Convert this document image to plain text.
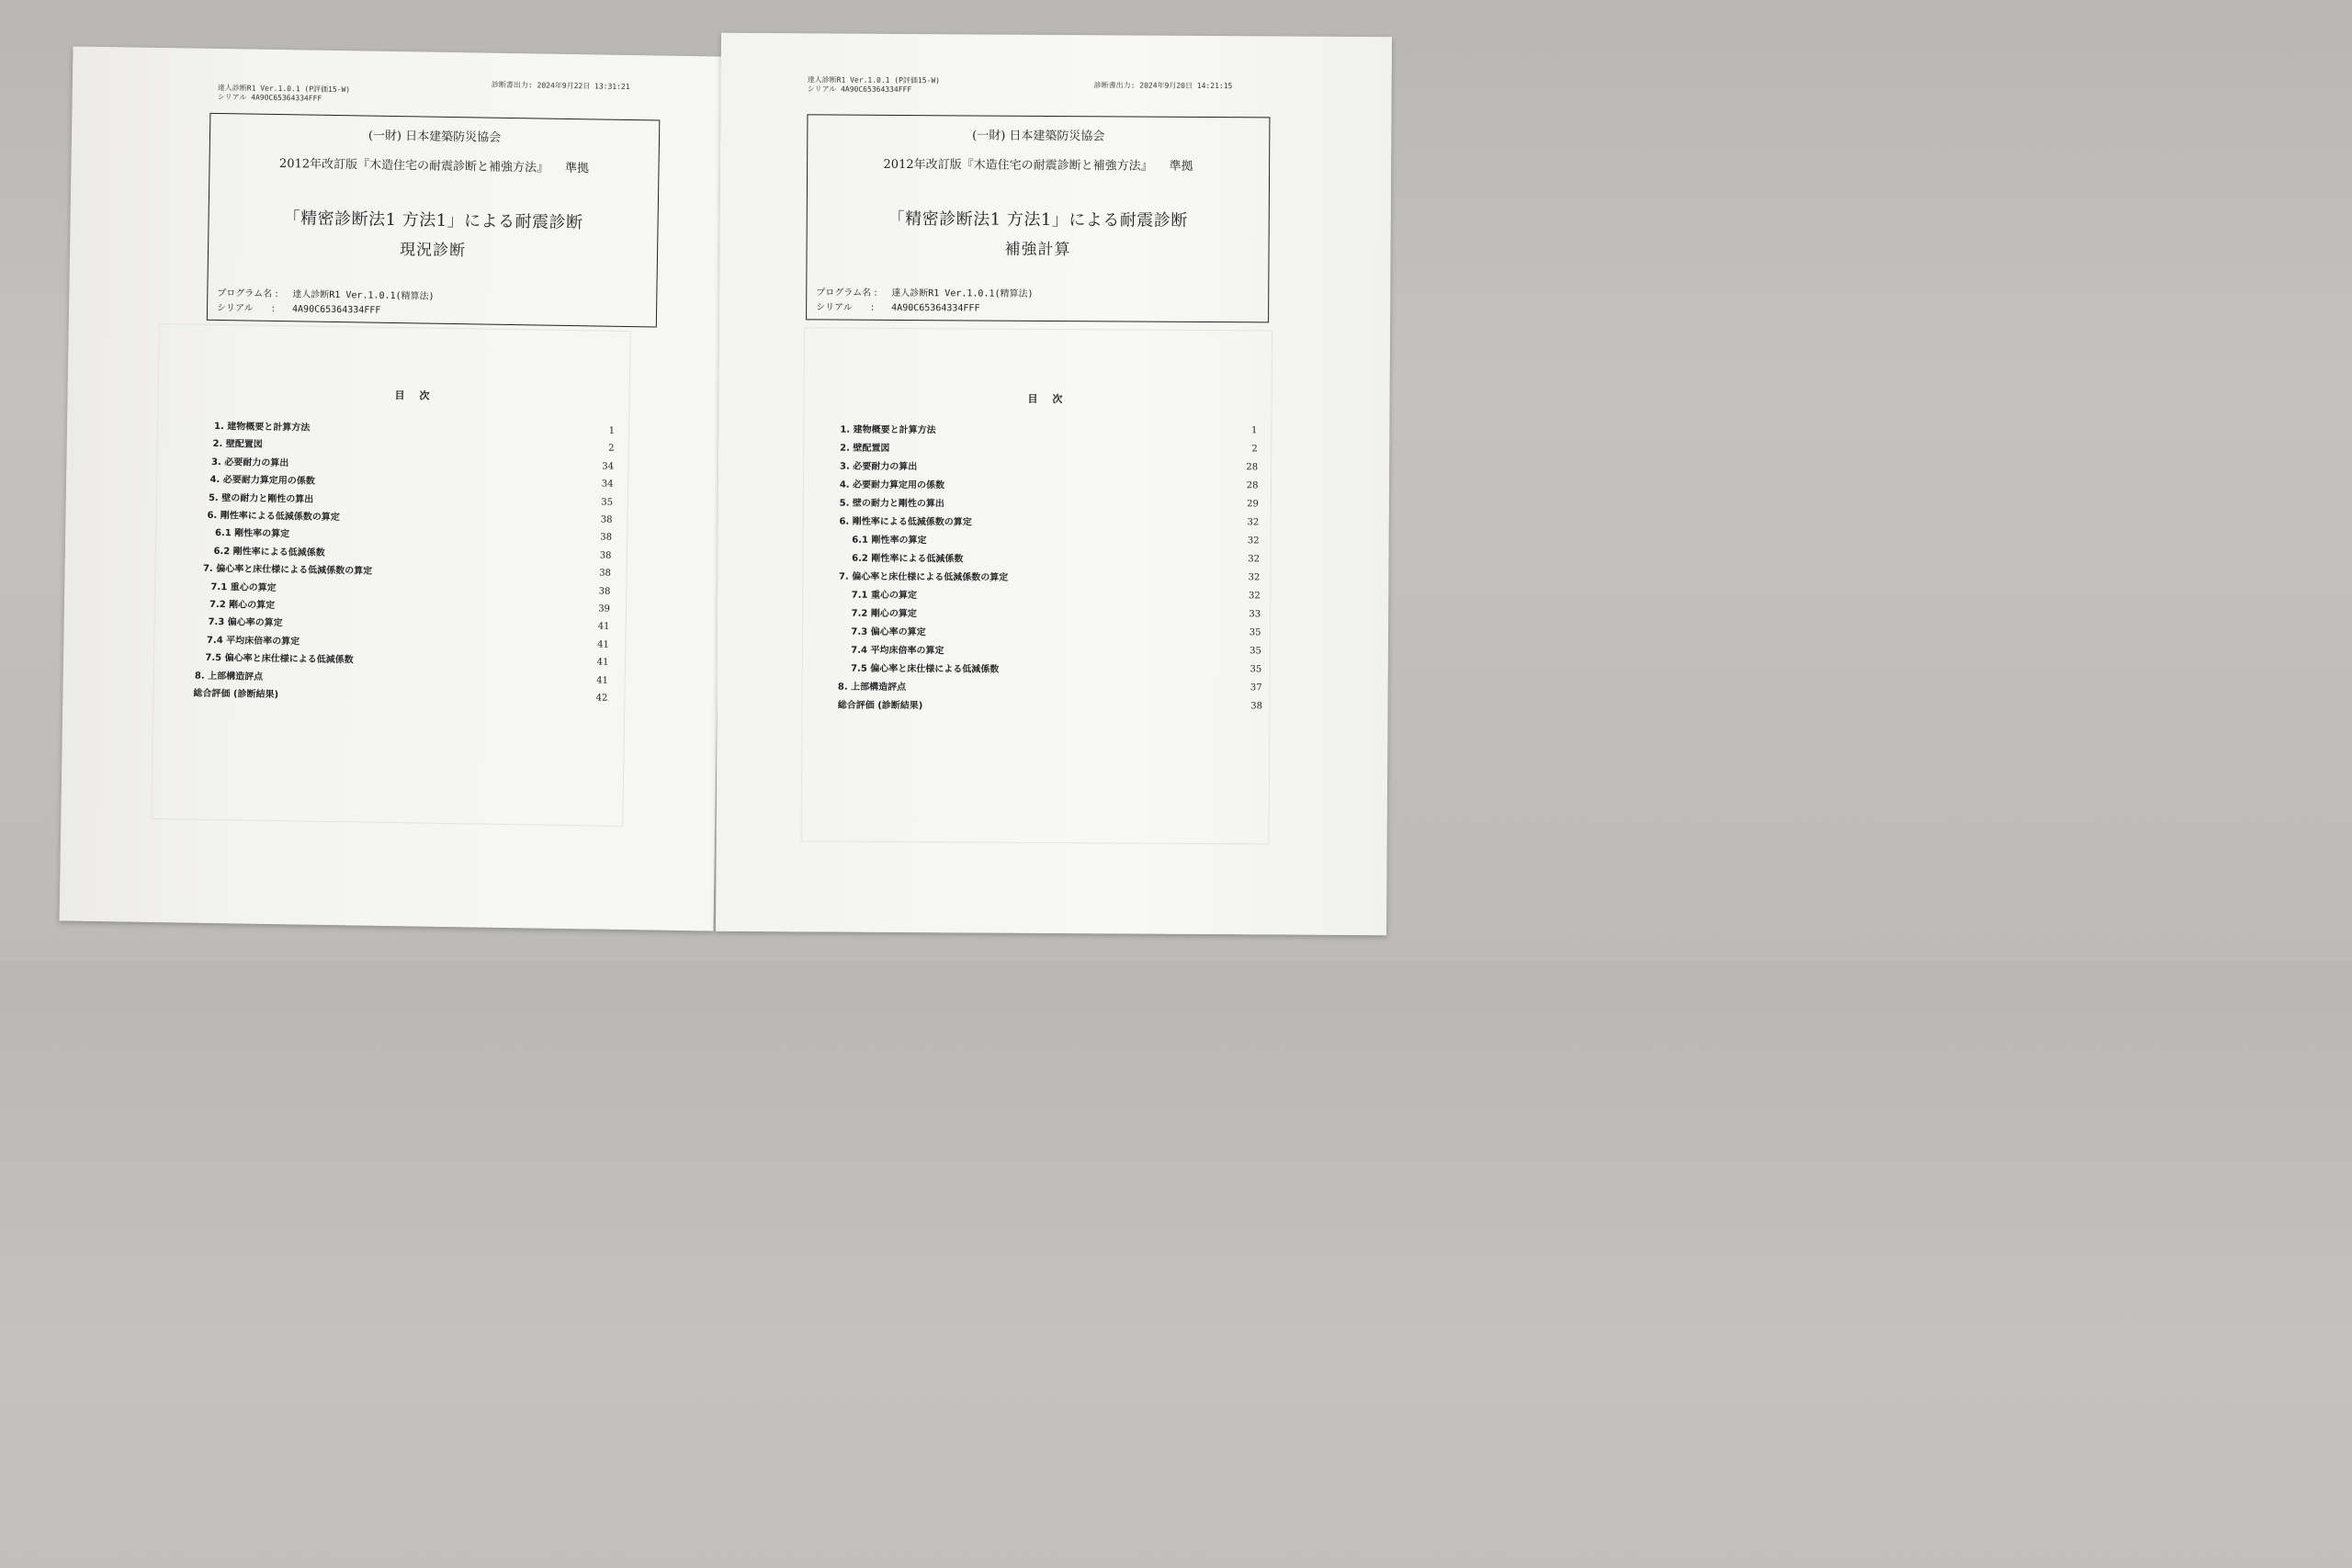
達人診断R1 Ver.1.0.1 (P評価15-W)
シリアル 4A90C65364334FFF
診断書出力: 2024年9月22日 13:31:21
(一財) 日本建築防災協会
2012年改訂版『木造住宅の耐震診断と補強方法』 準拠
「精密診断法1 方法1」による耐震診断
現況診断
プログラム名 : 達人診断R1 Ver.1.0.1(精算法)
シリアル　　: 4A90C65364334FFF
目 次
1. 建物概要と計算方法	1
2. 壁配置図	2
3. 必要耐力の算出	34
4. 必要耐力算定用の係数	34
5. 壁の耐力と剛性の算出	35
6. 剛性率による低減係数の算定	38
6.1 剛性率の算定	38
6.2 剛性率による低減係数	38
7. 偏心率と床仕様による低減係数の算定	38
7.1 重心の算定	38
7.2 剛心の算定	39
7.3 偏心率の算定	41
7.4 平均床倍率の算定	41
7.5 偏心率と床仕様による低減係数	41
8. 上部構造評点	41
総合評価 (診断結果)	42
達人診断R1 Ver.1.0.1 (P評価15-W)
シリアル 4A90C65364334FFF	診断書出力: 2024年9月20日 14:21:15
(一財) 日本建築防災協会
2012年改訂版『木造住宅の耐震診断と補強方法』 準拠
「精密診断法1 方法1」による耐震診断
補強計算
プログラム名 : 達人診断R1 Ver.1.0.1(精算法)
シリアル　　: 4A90C65364334FFF
目 次
1. 建物概要と計算方法	1
2. 壁配置図	2
3. 必要耐力の算出	28
4. 必要耐力算定用の係数	28
5. 壁の耐力と剛性の算出	29
6. 剛性率による低減係数の算定	32
6.1 剛性率の算定	32
6.2 剛性率による低減係数	32
7. 偏心率と床仕様による低減係数の算定	32
7.1 重心の算定	32
7.2 剛心の算定	33
7.3 偏心率の算定	35
7.4 平均床倍率の算定	35
7.5 偏心率と床仕様による低減係数	35
8. 上部構造評点	37
総合評価 (診断結果)	38
